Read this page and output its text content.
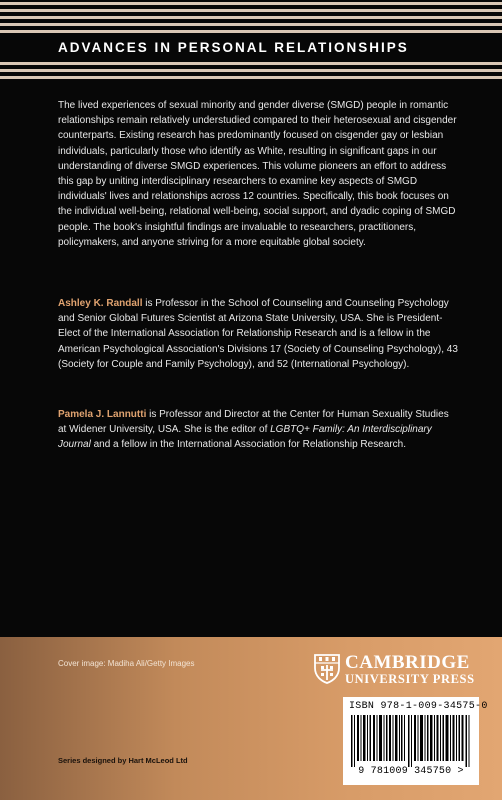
ADVANCES IN PERSONAL RELATIONSHIPS
The lived experiences of sexual minority and gender diverse (SMGD) people in romantic relationships remain relatively understudied compared to their heterosexual and cisgender counterparts. Existing research has predominantly focused on cisgender gay or lesbian individuals, particularly those who identify as White, resulting in significant gaps in our understanding of diverse SMGD experiences. This volume pioneers an effort to address this gap by uniting interdisciplinary researchers to examine key aspects of SMGD individuals' lives and relationships across 12 countries. Specifically, this book focuses on the individual well-being, relational well-being, social support, and dyadic coping of SMGD people. The book's insightful findings are invaluable to researchers, practitioners, policymakers, and anyone striving for a more equitable global society.
Ashley K. Randall is Professor in the School of Counseling and Counseling Psychology and Senior Global Futures Scientist at Arizona State University, USA. She is President-Elect of the International Association for Relationship Research and is a fellow in the American Psychological Association's Divisions 17 (Society of Counseling Psychology), 43 (Society for Couple and Family Psychology), and 52 (International Psychology).
Pamela J. Lannutti is Professor and Director at the Center for Human Sexuality Studies at Widener University, USA. She is the editor of LGBTQ+ Family: An Interdisciplinary Journal and a fellow in the International Association for Relationship Research.
Cover image: Madiha Ali/Getty Images
Series designed by Hart McLeod Ltd
CAMBRIDGE
UNIVERSITY PRESS
ISBN 978-1-009-34575-0
9 781009 345750 >
